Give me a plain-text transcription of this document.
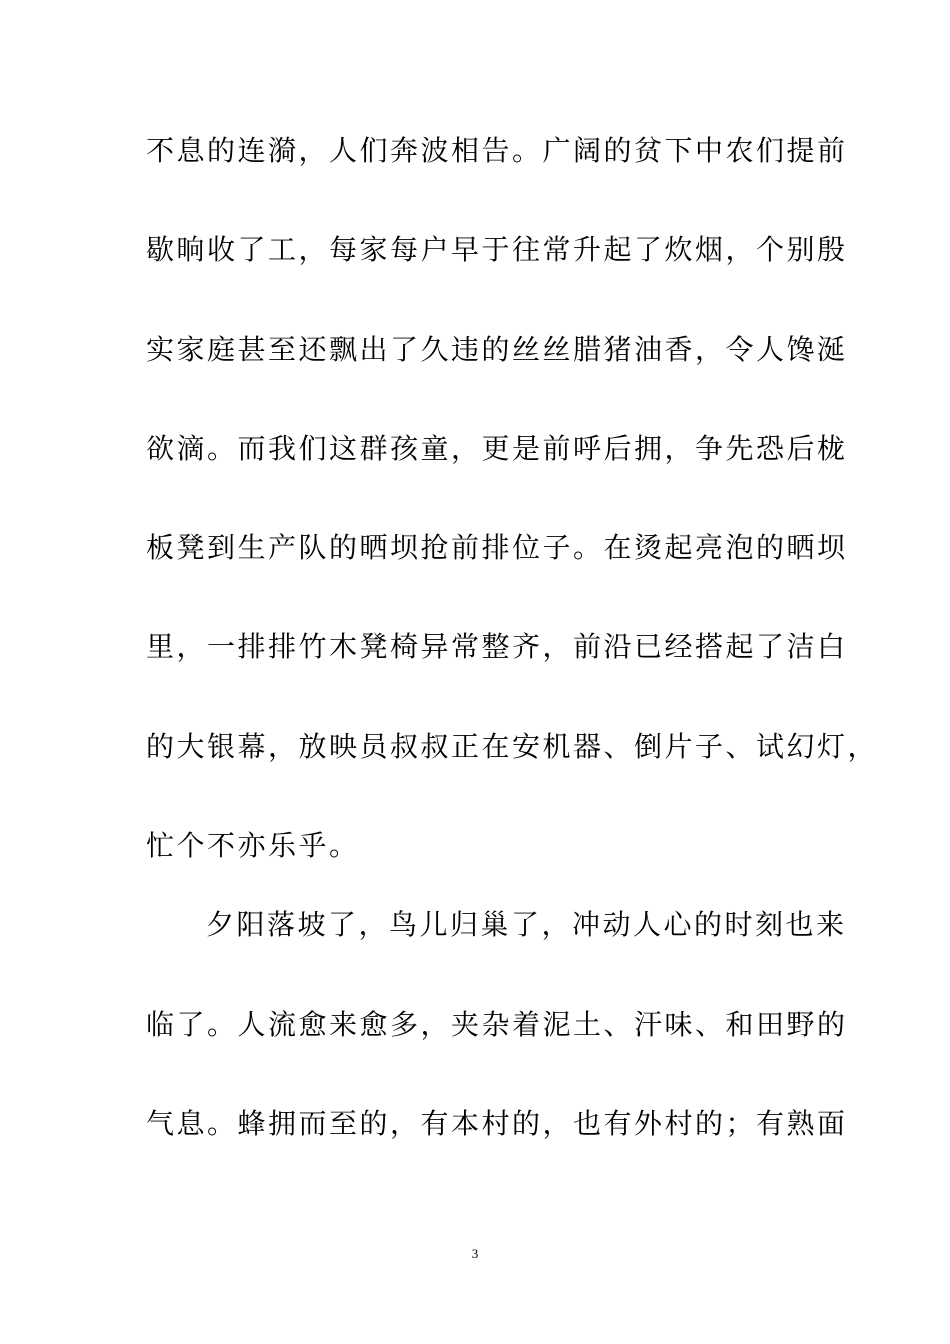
不息的连漪，人们奔波相告。广阔的贫下中农们提前
歇晌收了工，每家每户早于往常升起了炊烟，个别殷
实家庭甚至还飘出了久违的丝丝腊猪油香，令人馋涎
欲滴。而我们这群孩童，更是前呼后拥，争先恐后栊
板凳到生产队的晒坝抢前排位子。在烫起亮泡的晒坝
里，一排排竹木凳椅异常整齐，前沿已经搭起了洁白
的大银幕，放映员叔叔正在安机器、倒片子、试幻灯，
忙个不亦乐乎。
夕阳落坡了，鸟儿归巢了，冲动人心的时刻也来
临了。人流愈来愈多，夹杂着泥土、汗味、和田野的
气息。蜂拥而至的，有本村的，也有外村的；有熟面
3
